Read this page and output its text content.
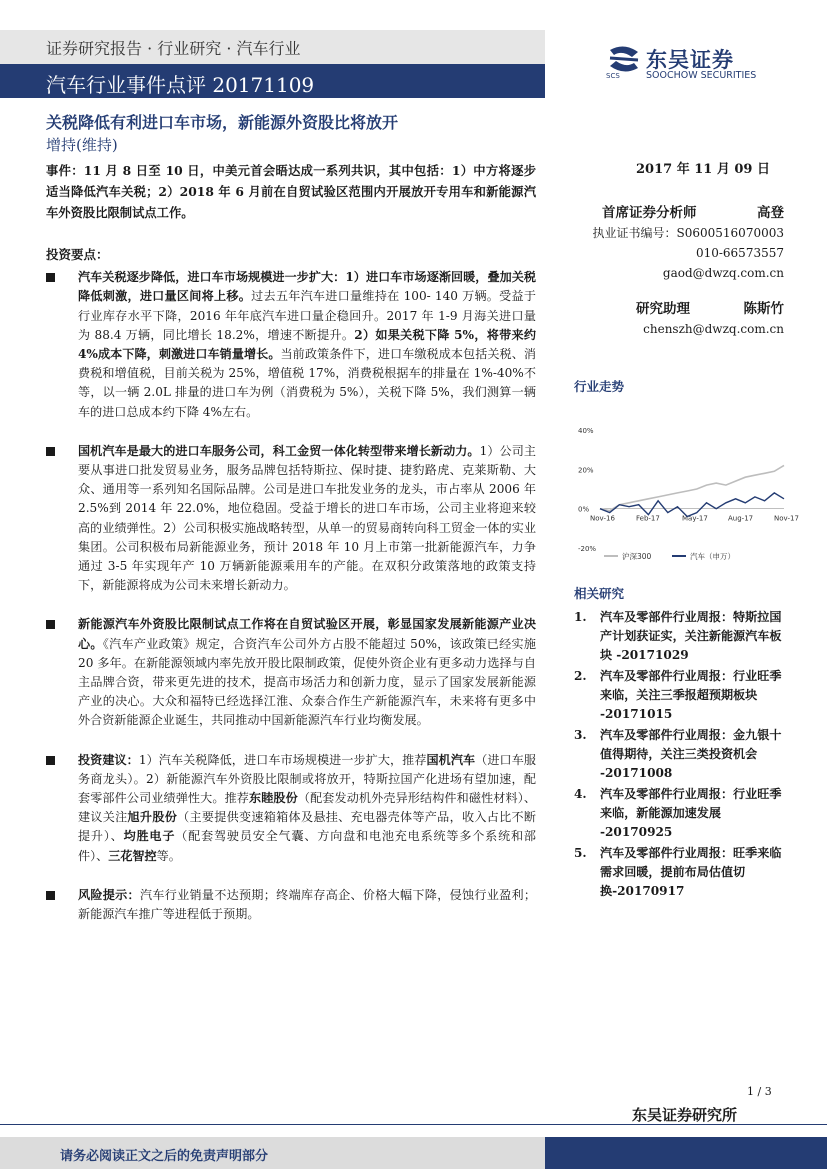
证券研究报告 · 行业研究 · 汽车行业
汽车行业事件点评 20171109	SCS
东吴证券
SOOCHOW SECURITIES
关税降低有利进口车市场，新能源外资股比将放开
增持(维持)
事件：11 月 8 日至 10 日，中美元首会晤达成一系列共识，其中包括：1）中方将逐步适当降低汽车关税；2）2018 年 6 月前在自贸试验区范围内开展放开专用车和新能源汽车外资股比限制试点工作。
2017 年 11 月 09 日
首席证券分析师	高登
执业证书编号：S0600516070003
010-66573557
gaod@dwzq.com.cn
研究助理	陈斯竹
chenszh@dwzq.com.cn
投资要点：
汽车关税逐步降低，进口车市场规模进一步扩大：1）进口车市场逐渐回暖，叠加关税降低刺激，进口量区间将上移。过去五年汽车进口量维持在 100- 140 万辆。受益于行业库存水平下降，2016 年年底汽车进口量企稳回升。2017 年 1-9 月海关进口量为 88.4 万辆，同比增长 18.2%，增速不断提升。2）如果关税下降 5%，将带来约 4%成本下降，刺激进口车销量增长。当前政策条件下，进口车缴税成本包括关税、消费税和增值税，目前关税为 25%，增值税 17%，消费税根据车的排量在 1%-40%不等，以一辆 2.0L 排量的进口车为例（消费税为 5%），关税下降 5%，我们测算一辆车的进口总成本约下降 4%左右。
国机汽车是最大的进口车服务公司，科工金贸一体化转型带来增长新动力。1）公司主要从事进口批发贸易业务，服务品牌包括特斯拉、保时捷、捷豹路虎、克莱斯勒、大众、通用等一系列知名国际品牌。公司是进口车批发业务的龙头，市占率从 2006 年 2.5%到 2014 年 22.0%，地位稳固。受益于增长的进口车市场，公司主业将迎来较高的业绩弹性。2）公司积极实施战略转型，从单一的贸易商转向科工贸金一体的实业集团。公司积极布局新能源业务，预计 2018 年 10 月上市第一批新能源汽车，力争通过 3-5 年实现年产 10 万辆新能源乘用车的产能。在双积分政策落地的政策支持下，新能源将成为公司未来增长新动力。
新能源汽车外资股比限制试点工作将在自贸试验区开展，彰显国家发展新能源产业决心。《汽车产业政策》规定，合资汽车公司外方占股不能超过 50%，该政策已经实施 20 多年。在新能源领域内率先放开股比限制政策，促使外资企业有更多动力选择与自主品牌合资，带来更先进的技术，提高市场活力和创新力度，显示了国家发展新能源产业的决心。大众和福特已经选择江淮、众泰合作生产新能源汽车，未来将有更多中外合资新能源企业诞生，共同推动中国新能源汽车行业均衡发展。
投资建议：1）汽车关税降低，进口车市场规模进一步扩大，推荐国机汽车（进口车服务商龙头）。2）新能源汽车外资股比限制或将放开，特斯拉国产化进场有望加速，配套零部件公司业绩弹性大。推荐东睦股份（配套发动机外壳异形结构件和磁性材料）、建议关注旭升股份（主要提供变速箱箱体及悬挂、充电器壳体等产品，收入占比不断提升）、均胜电子（配套驾驶员安全气囊、方向盘和电池充电系统等多个系统和部件）、三花智控等。
风险提示：汽车行业销量不达预期；终端库存高企、价格大幅下降，侵蚀行业盈利；新能源汽车推广等进程低于预期。
行业走势
40%
20%
0%
-20%
Nov-16	Feb-17	May-17	Aug-17	Nov-17
沪深300	汽车（申万）
相关研究
1. 汽车及零部件行业周报：特斯拉国产计划获证实，关注新能源汽车板块 -20171029
2. 汽车及零部件行业周报：行业旺季来临，关注三季报超预期板块 -20171015
3. 汽车及零部件行业周报：金九银十值得期待，关注三类投资机会 -20171008
4. 汽车及零部件行业周报：行业旺季来临，新能源加速发展 -20170925
5. 汽车及零部件行业周报：旺季来临需求回暖，提前布局估值切换-20170917
1 / 3
东吴证券研究所
请务必阅读正文之后的免责声明部分
